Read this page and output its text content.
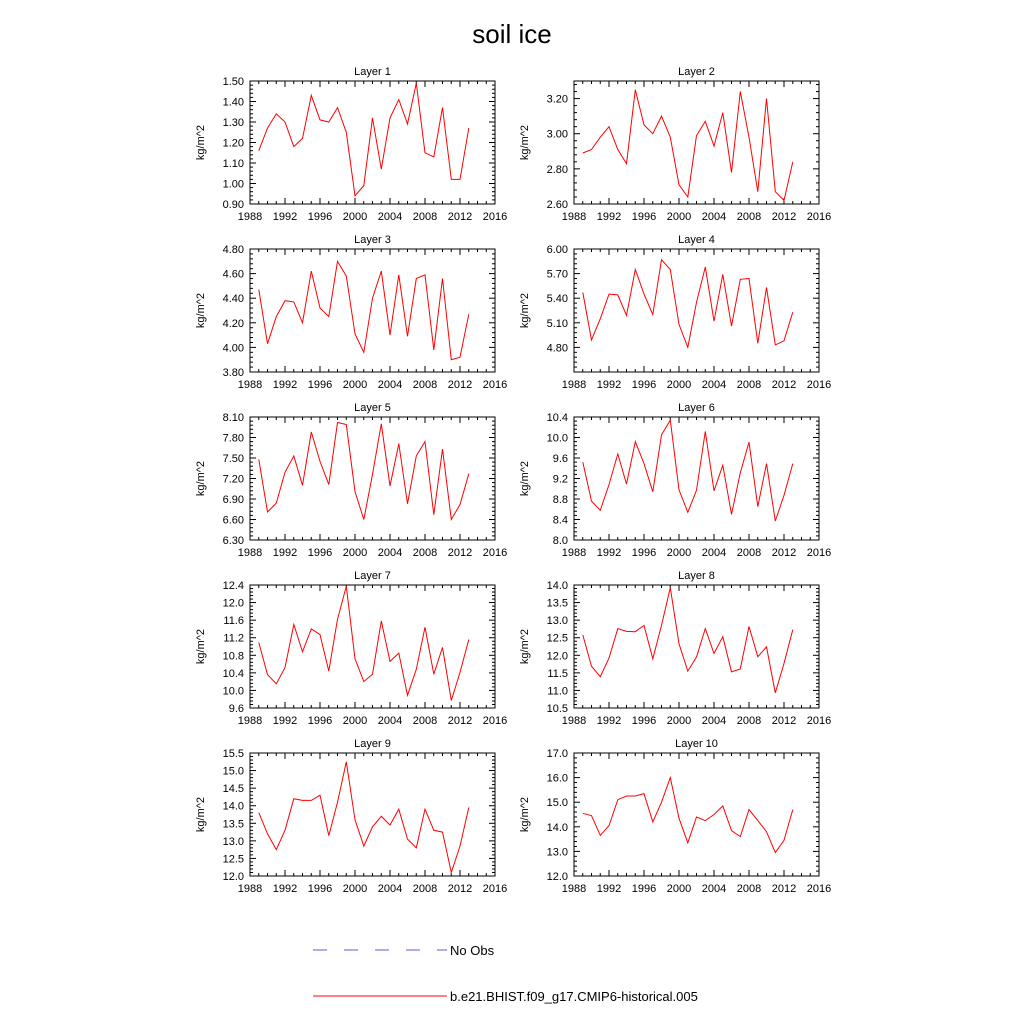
soil ice
Layer 1
kg/m^2
1988 1992 1996 2000 2004 2008 2012 2016
0.90
1.00
1.10
1.20
1.30
1.40
1.50
Layer 2
kg/m^2
1988 1992 1996 2000 2004 2008 2012 2016
2.60
2.80
3.00
3.20
Layer 3
kg/m^2
1988 1992 1996 2000 2004 2008 2012 2016
3.80
4.00
4.20
4.40
4.60
4.80
Layer 4
kg/m^2
1988 1992 1996 2000 2004 2008 2012 2016
4.80
5.10
5.40
5.70
6.00
Layer 5
kg/m^2
1988 1992 1996 2000 2004 2008 2012 2016
6.30
6.60
6.90
7.20
7.50
7.80
8.10
Layer 6
kg/m^2
1988 1992 1996 2000 2004 2008 2012 2016
8.0
8.4
8.8
9.2
9.6
10.0
10.4
Layer 7
kg/m^2
1988 1992 1996 2000 2004 2008 2012 2016
9.6
10.0
10.4
10.8
11.2
11.6
12.0
12.4
Layer 8
kg/m^2
1988 1992 1996 2000 2004 2008 2012 2016
10.5
11.0
11.5
12.0
12.5
13.0
13.5
14.0
Layer 9
kg/m^2
1988 1992 1996 2000 2004 2008 2012 2016
12.0
12.5
13.0
13.5
14.0
14.5
15.0
15.5
Layer 10
kg/m^2
1988 1992 1996 2000 2004 2008 2012 2016
12.0
13.0
14.0
15.0
16.0
17.0
No Obs
b.e21.BHIST.f09_g17.CMIP6-historical.005
